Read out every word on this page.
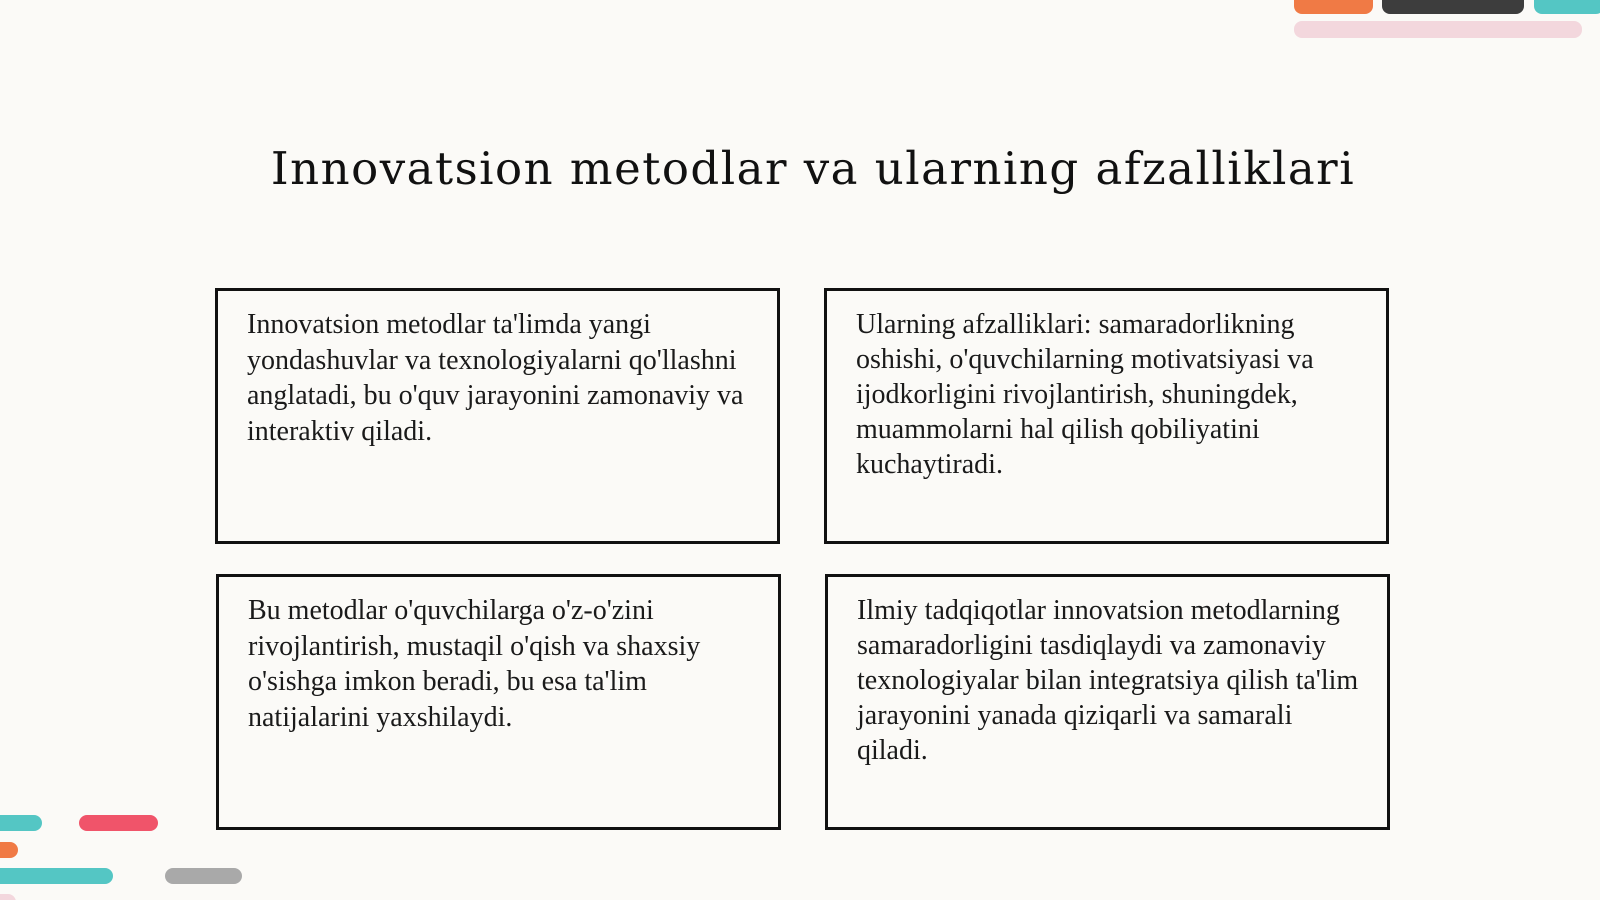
Innovatsion metodlar va ularning afzalliklari
Innovatsion metodlar ta'limda yangi yondashuvlar va texnologiyalarni qo'llashni anglatadi, bu o'quv jarayonini zamonaviy va interaktiv qiladi.
Ularning afzalliklari: samaradorlikning oshishi, o'quvchilarning motivatsiyasi va ijodkorligini rivojlantirish, shuningdek, muammolarni hal qilish qobiliyatini kuchaytiradi.
Bu metodlar o'quvchilarga o'z-o'zini rivojlantirish, mustaqil o'qish va shaxsiy o'sishga imkon beradi, bu esa ta'lim natijalarini yaxshilaydi.
Ilmiy tadqiqotlar innovatsion metodlarning samaradorligini tasdiqlaydi va zamonaviy texnologiyalar bilan integratsiya qilish ta'lim jarayonini yanada qiziqarli va samarali qiladi.
